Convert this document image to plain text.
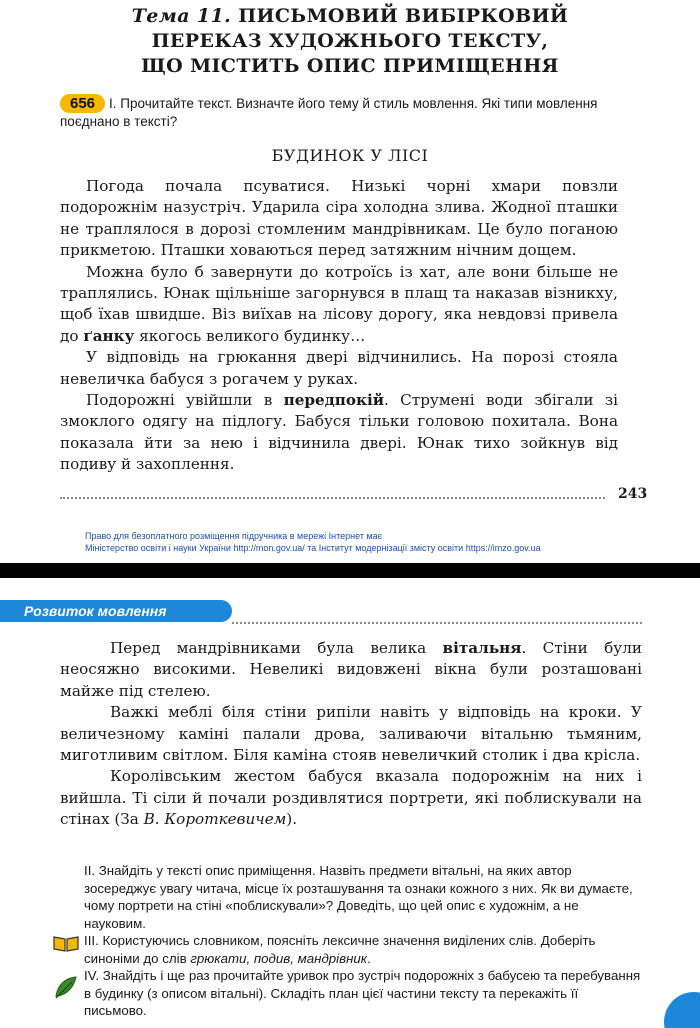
Тема 11. ПИСЬМОВИЙ ВИБІРКОВИЙ
ПЕРЕКАЗ ХУДОЖНЬОГО ТЕКСТУ,
ЩО МІСТИТЬ ОПИС ПРИМІЩЕННЯ
656 І. Прочитайте текст. Визначте його тему й стиль мовлення. Які типи мовлення поєднано в тексті?
БУДИНОК У ЛІСІ

Погода почала псуватися. Низькі чорні хмари повзли подорожнім назустріч. Ударила сіра холодна злива. Жодної пташки не траплялося в дорозі стомленим мандрівникам. Це було поганою прикметою. Пташки ховаються перед затяжним нічним дощем.

Можна було б завернути до котроїсь із хат, але вони більше не траплялись. Юнак щільніше загорнувся в плащ та наказав візникху, щоб їхав швидше. Віз виїхав на лісову дорогу, яка невдовзі привела до ґанку якогось великого будинку…

У відповідь на грюкання двері відчинились. На порозі стояла невеличка бабуся з рогачем у руках.

Подорожні увійшли в передпокій. Струмені води збігали зі змоклого одягу на підлогу. Бабуся тільки головою похитала. Вона показала йти за нею і відчинила двері. Юнак тихо зойкнув від подиву й захоплення.

243
Право для безоплатного розміщення підручника в мережі Інтернет має
Міністерство освіти і науки України http://mon.gov.ua/ та Інститут модернізації змісту освіти https://imzo.gov.ua
Розвиток мовлення

Перед мандрівниками була велика вітальня. Стіни були неосяжно високими. Невеликі видовжені вікна були розташовані майже під стелею.

Важкі меблі біля стіни рипіли навіть у відповідь на кроки. У величезному каміні палали дрова, заливаючи вітальню тьмяним, миготливим світлом. Біля каміна стояв невеличкий столик і два крісла.

Королівським жестом бабуся вказала подорожнім на них і вийшла. Ті сіли й почали роздивлятися портрети, які поблискували на стінах (За В. Короткевичем).

ІІ. Знайдіть у тексті опис приміщення. Назвіть предмети вітальні, на яких автор зосереджує увагу читача, місце їх розташування та ознаки кожного з них. Як ви думаєте, чому портрети на стіні «поблискували»? Доведіть, що цей опис є художнім, а не науковим.

ІІІ. Користуючись словником, поясніть лексичне значення виділених слів. Доберіть синоніми до слів грюкати, подив, мандрівник.

IV. Знайдіть і ще раз прочитайте уривок про зустріч подорожніх з бабусею та перебування в будинку (з описом вітальні). Складіть план цієї частини тексту та перекажіть її письмово.
